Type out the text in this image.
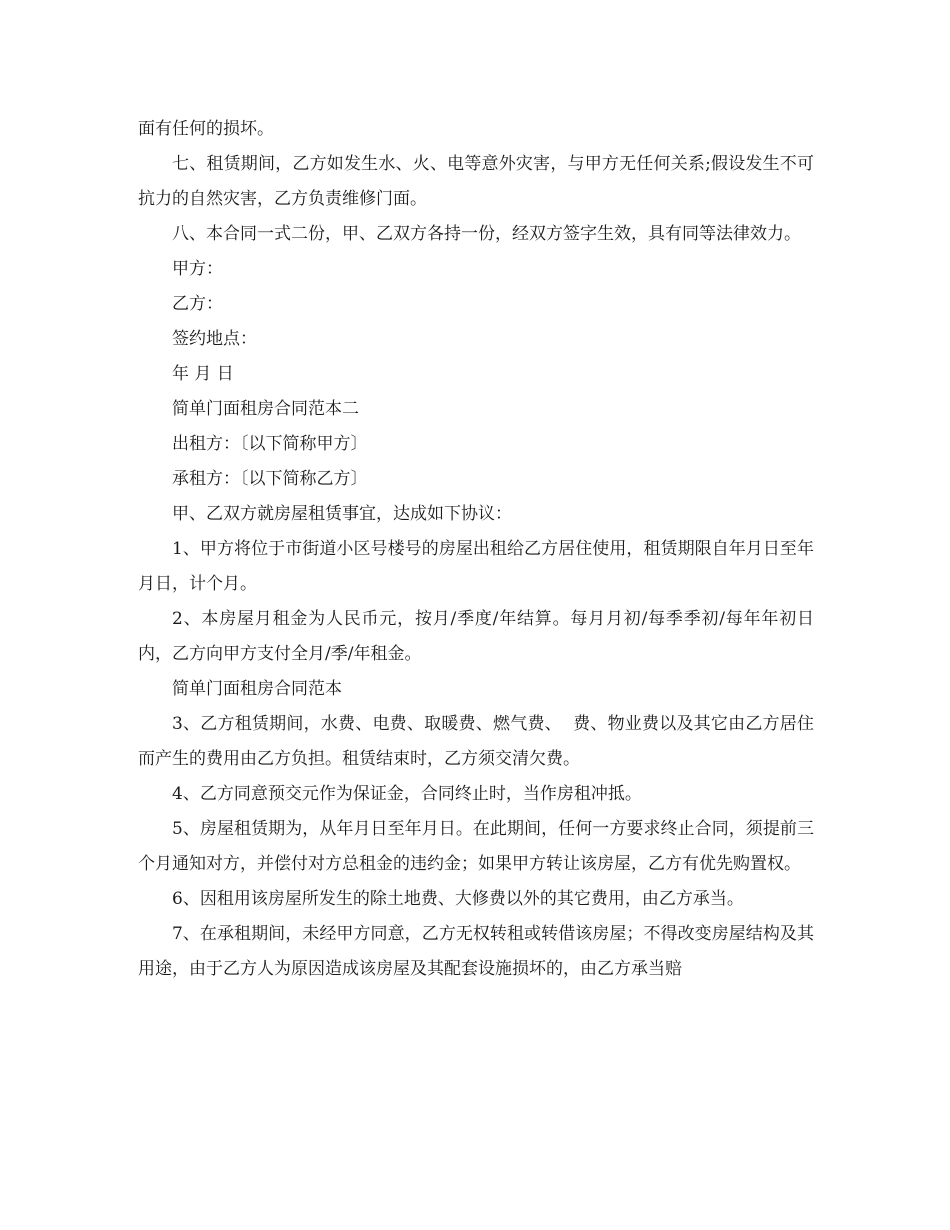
面有任何的损坏。

七、租赁期间，乙方如发生水、火、电等意外灾害，与甲方无任何关系;假设发生不可抗力的自然灾害，乙方负责维修门面。

八、本合同一式二份，甲、乙双方各持一份，经双方签字生效，具有同等法律效力。

甲方：

乙方：

签约地点：

年 月 日

简单门面租房合同范本二

出租方：〔以下简称甲方〕

承租方：〔以下简称乙方〕

甲、乙双方就房屋租赁事宜，达成如下协议：

1、甲方将位于市街道小区号楼号的房屋出租给乙方居住使用，租赁期限自年月日至年月日，计个月。

2、本房屋月租金为人民币元，按月/季度/年结算。每月月初/每季季初/每年年初日内，乙方向甲方支付全月/季/年租金。

简单门面租房合同范本

3、乙方租赁期间，水费、电费、取暖费、燃气费、  费、物业费以及其它由乙方居住而产生的费用由乙方负担。租赁结束时，乙方须交清欠费。

4、乙方同意预交元作为保证金，合同终止时，当作房租冲抵。

5、房屋租赁期为，从年月日至年月日。在此期间，任何一方要求终止合同，须提前三个月通知对方，并偿付对方总租金的违约金；如果甲方转让该房屋，乙方有优先购置权。

6、因租用该房屋所发生的除土地费、大修费以外的其它费用，由乙方承当。

7、在承租期间，未经甲方同意，乙方无权转租或转借该房屋；不得改变房屋结构及其用途，由于乙方人为原因造成该房屋及其配套设施损坏的，由乙方承当赔
